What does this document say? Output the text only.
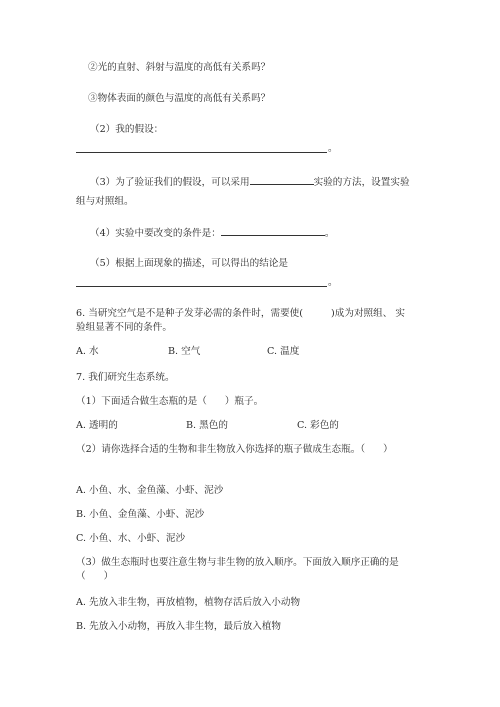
②光的直射、斜射与温度的高低有关系吗？
③物体表面的颜色与温度的高低有关系吗？
（2）我的假设：
。
（3）为了验证我们的假设，可以采用	实验的方法，设置实验
组与对照组。
（4）实验中要改变的条件是：	。
（5）根据上面现象的描述，可以得出的结论是
。
6. 当研究空气是不是种子发芽必需的条件时，需要使(	)成为对照组、 实
验组显著不同的条件。
A. 水	B. 空气	C. 温度
7. 我们研究生态系统。
（1）下面适合做生态瓶的是（ ）瓶子。
A. 透明的	B. 黑色的	C. 彩色的
（2）请你选择合适的生物和非生物放入你选择的瓶子做成生态瓶。（ ）
A. 小鱼、水、金鱼藻、小虾、泥沙
B. 小鱼、金鱼藻、小虾、泥沙
C. 小鱼、水、小虾、泥沙
（3）做生态瓶时也要注意生物与非生物的放入顺序。下面放入顺序正确的是
（ ）
A. 先放入非生物，再放植物，植物存活后放入小动物
B. 先放入小动物，再放入非生物，最后放入植物
